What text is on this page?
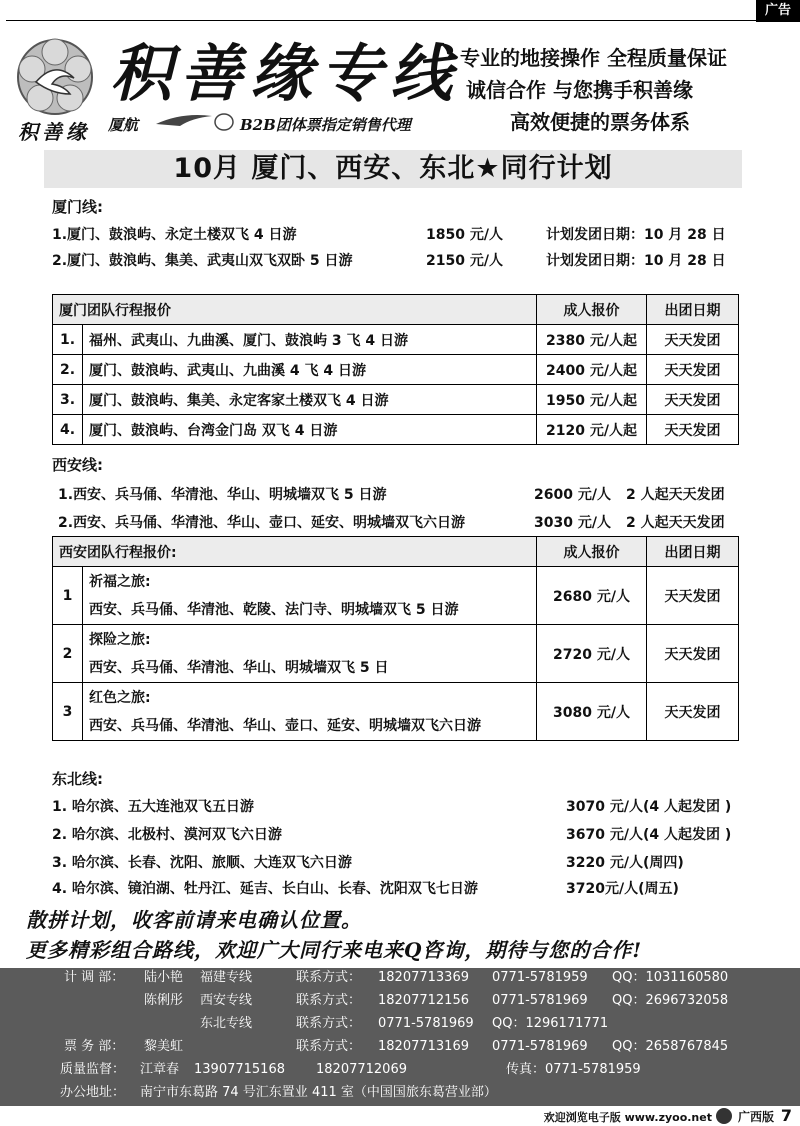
广告
积善缘
积善缘专线
厦航	B2B团体票指定销售代理
专业的地接操作 全程质量保证
诚信合作 与您携手积善缘
高效便捷的票务体系
10月 厦门、西安、东北★同行计划
厦门线:
1.厦门、鼓浪屿、永定土楼双飞 4 日游	1850 元/人	计划发团日期：10 月 28 日
2.厦门、鼓浪屿、集美、武夷山双飞双卧 5 日游	2150 元/人	计划发团日期：10 月 28 日
厦门团队行程报价		成人报价	出团日期
1.	福州、武夷山、九曲溪、厦门、鼓浪屿 3 飞 4 日游	2380 元/人起	天天发团
2.	厦门、鼓浪屿、武夷山、九曲溪 4 飞 4 日游	2400 元/人起	天天发团
3.	厦门、鼓浪屿、集美、永定客家土楼双飞 4 日游	1950 元/人起	天天发团
4.	厦门、鼓浪屿、台湾金门岛 双飞 4 日游	2120 元/人起	天天发团
西安线:
1.西安、兵马俑、华清池、华山、明城墙双飞 5 日游	2600 元/人 2 人起天天发团
2.西安、兵马俑、华清池、华山、壶口、延安、明城墙双飞六日游	3030 元/人 2 人起天天发团
西安团队行程报价:		成人报价	出团日期
1	祈福之旅:
西安、兵马俑、华清池、乾陵、法门寺、明城墙双飞 5 日游	2680 元/人	天天发团
2	探险之旅:
西安、兵马俑、华清池、华山、明城墙双飞 5 日	2720 元/人	天天发团
3	红色之旅:
西安、兵马俑、华清池、华山、壶口、延安、明城墙双飞六日游	3080 元/人	天天发团
东北线:
1. 哈尔滨、五大连池双飞五日游	3070 元/人(4 人起发团 )
2. 哈尔滨、北极村、漠河双飞六日游	3670 元/人(4 人起发团 )
3. 哈尔滨、长春、沈阳、旅顺、大连双飞六日游	3220 元/人(周四)
4. 哈尔滨、镜泊湖、牡丹江、延吉、长白山、长春、沈阳双飞七日游	3720元/人(周五)
散拼计划，收客前请来电确认位置。
更多精彩组合路线，欢迎广大同行来电来Q咨询，期待与您的合作!
计 调 部： 陆小艳 福建专线	联系方式： 18207713369 0771-5781959 QQ：1031160580
陈俐彤 西安专线	联系方式： 18207712156 0771-5781969 QQ：2696732058
东北专线	联系方式： 0771-5781969 QQ：1296171771
票 务 部： 黎美虹	联系方式： 18207713169 0771-5781969 QQ：2658767845
质量监督： 江章春 13907715168 18207712069	传真：0771-5781959
办公地址： 南宁市东葛路 74 号汇东置业 411 室（中国国旅东葛营业部）
欢迎浏览电子版 www.zyoo.net 广西版 7
